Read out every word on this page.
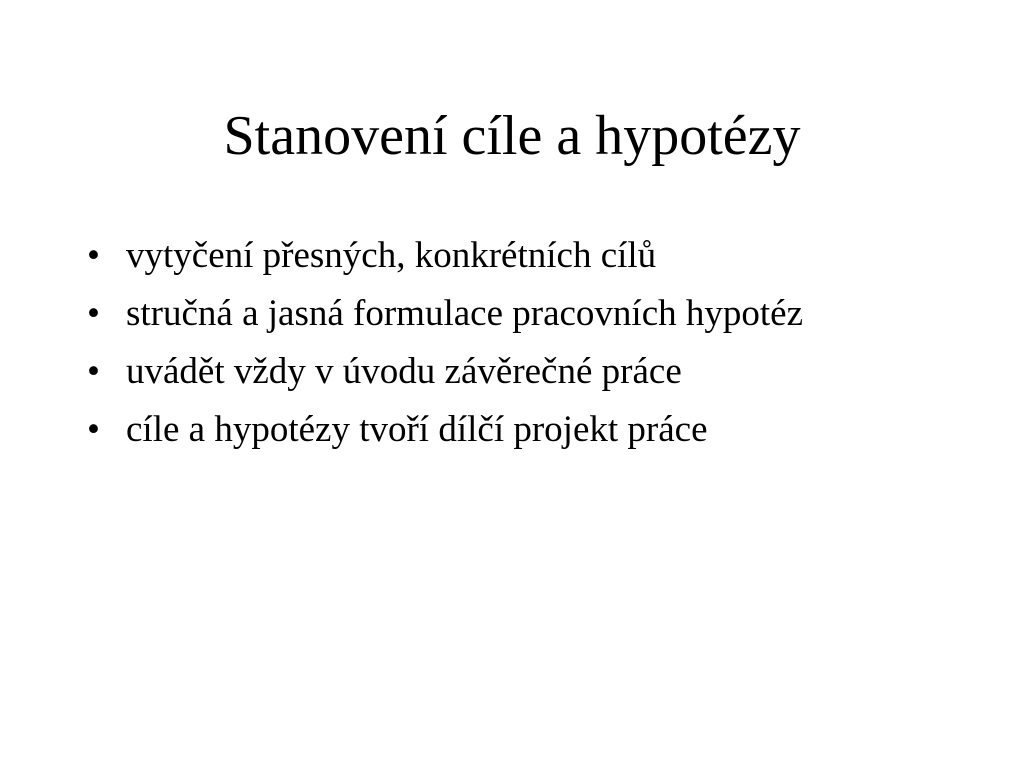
Stanovení cíle a hypotézy
• vytyčení přesných, konkrétních cílů
• stručná a jasná formulace pracovních hypotéz
• uvádět vždy v úvodu závěrečné práce
• cíle a hypotézy tvoří dílčí projekt práce
